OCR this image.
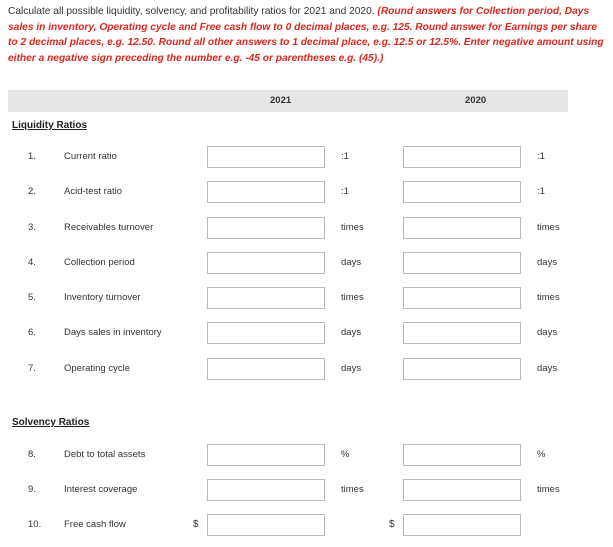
Calculate all possible liquidity, solvency, and profitability ratios for 2021 and 2020. (Round answers for Collection period, Days sales in inventory, Operating cycle and Free cash flow to 0 decimal places, e.g. 125. Round answer for Earnings per share to 2 decimal places, e.g. 12.50. Round all other answers to 1 decimal place, e.g. 12.5 or 12.5%. Enter negative amount using either a negative sign preceding the number e.g. -45 or parentheses e.g. (45).)
2021	2020
Liquidity Ratios
1.	Current ratio	:1	:1
2.	Acid-test ratio	:1	:1
3.	Receivables turnover	times	times
4.	Collection period	days	days
5.	Inventory turnover	times	times
6.	Days sales in inventory	days	days
7.	Operating cycle	days	days
Solvency Ratios
8.	Debt to total assets	%	%
9.	Interest coverage	times	times
10. Free cash flow	$	$
